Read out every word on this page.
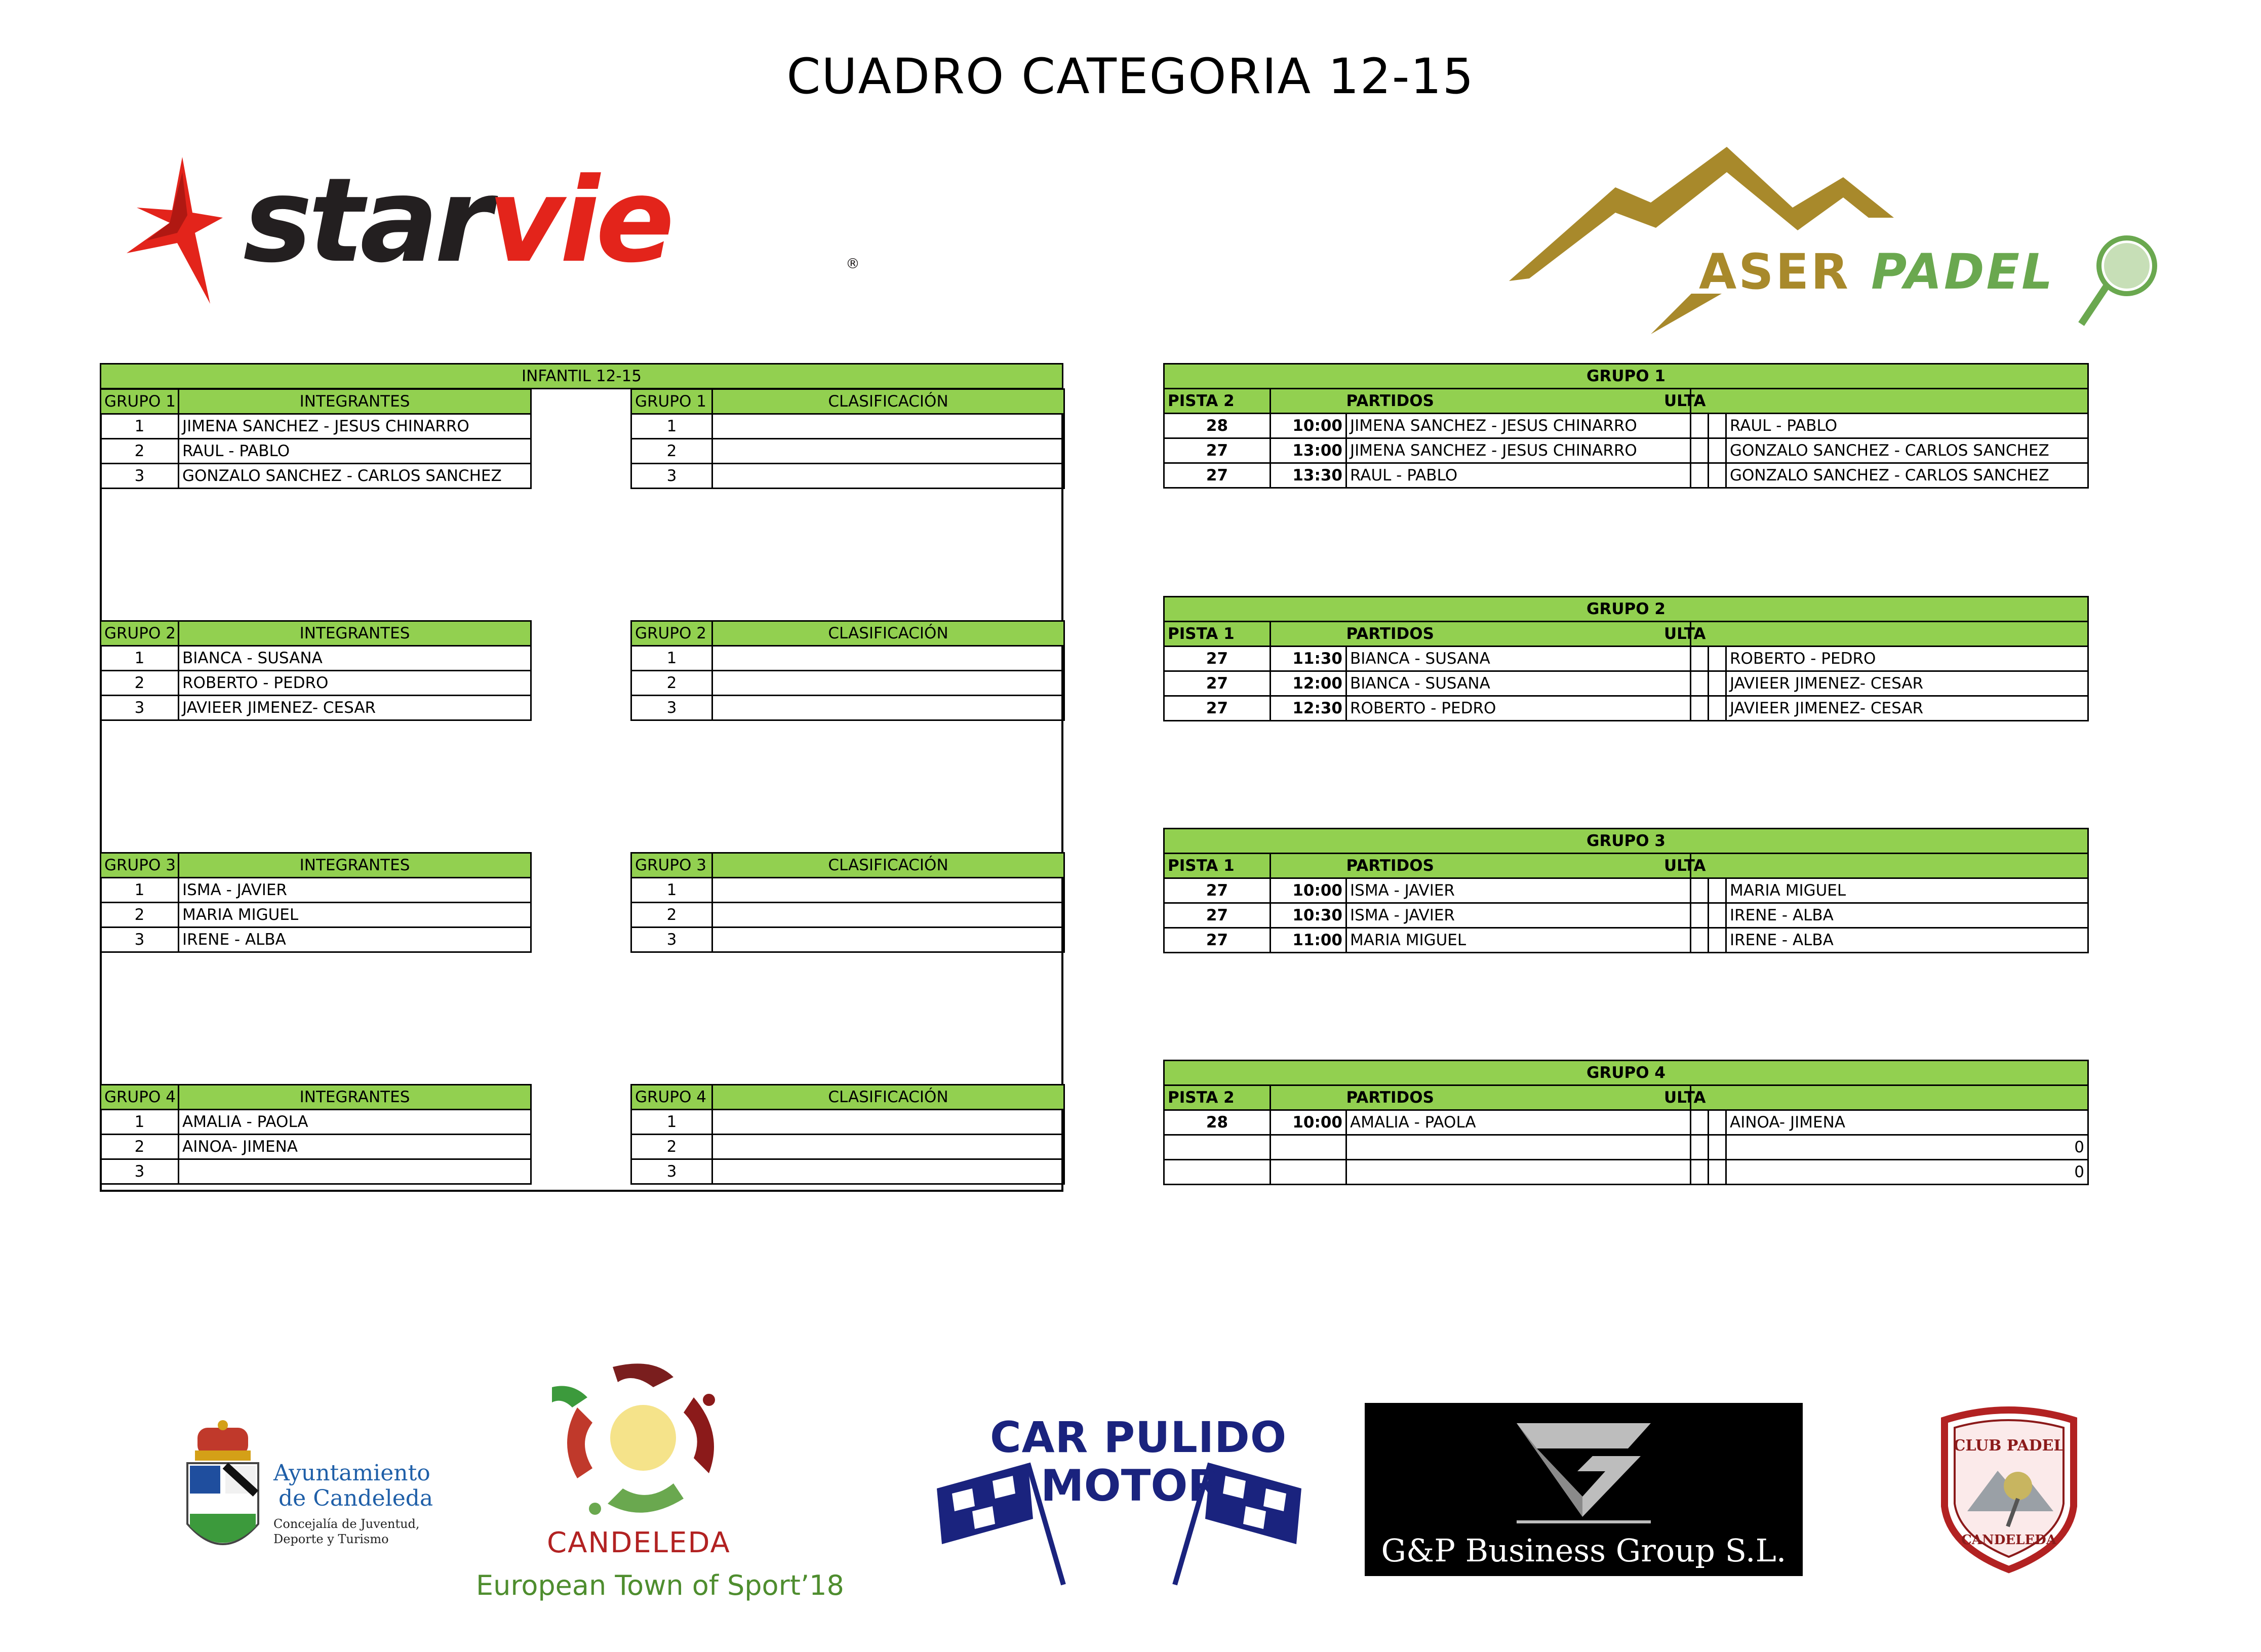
CUADRO CATEGORIA 12-15
starvie	®	ASER PADEL
INFANTIL 12-15
GRUPO 1	INTEGRANTES
1	JIMENA SANCHEZ - JESUS CHINARRO
2	RAUL - PABLO
3	GONZALO SANCHEZ - CARLOS SANCHEZ
GRUPO 1	CLASIFICACIÓN
1	
2	
3	
GRUPO 2	INTEGRANTES
1	BIANCA - SUSANA
2	ROBERTO - PEDRO
3	JAVIEER JIMENEZ- CESAR
GRUPO 2	CLASIFICACIÓN
1	
2	
3	
GRUPO 3	INTEGRANTES
1	ISMA - JAVIER
2	MARIA MIGUEL
3	IRENE - ALBA
GRUPO 3	CLASIFICACIÓN
1	
2	
3	
GRUPO 4	INTEGRANTES
1	AMALIA - PAOLA
2	AINOA- JIMENA
3	
GRUPO 4	CLASIFICACIÓN
1	
2	
3	
GRUPO 1					
PISTA 2		PARTIDOS	ULTA		
28	10:00	JIMENA SANCHEZ - JESUS CHINARRO			RAUL - PABLO
27	13:00	JIMENA SANCHEZ - JESUS CHINARRO			GONZALO SANCHEZ - CARLOS SANCHEZ
27	13:30	RAUL - PABLO			GONZALO SANCHEZ - CARLOS SANCHEZ
GRUPO 2					
PISTA 1		PARTIDOS	ULTA		
27	11:30	BIANCA - SUSANA			ROBERTO - PEDRO
27	12:00	BIANCA - SUSANA			JAVIEER JIMENEZ- CESAR
27	12:30	ROBERTO - PEDRO			JAVIEER JIMENEZ- CESAR
GRUPO 3					
PISTA 1		PARTIDOS	ULTA		
27	10:00	ISMA - JAVIER			MARIA MIGUEL
27	10:30	ISMA - JAVIER			IRENE - ALBA
27	11:00	MARIA MIGUEL			IRENE - ALBA
GRUPO 4					
PISTA 2		PARTIDOS	ULTA		
28	10:00	AMALIA - PAOLA			AINOA- JIMENA
					0
					0
Ayuntamiento
de Candeleda
Concejalía de Juventud,
Deporte y Turismo	CANDELEDA
European Town of Sport’18
CAR PULIDO
MOTOR
G&P Business Group S.L.
CLUB PADEL
CANDELEDA
